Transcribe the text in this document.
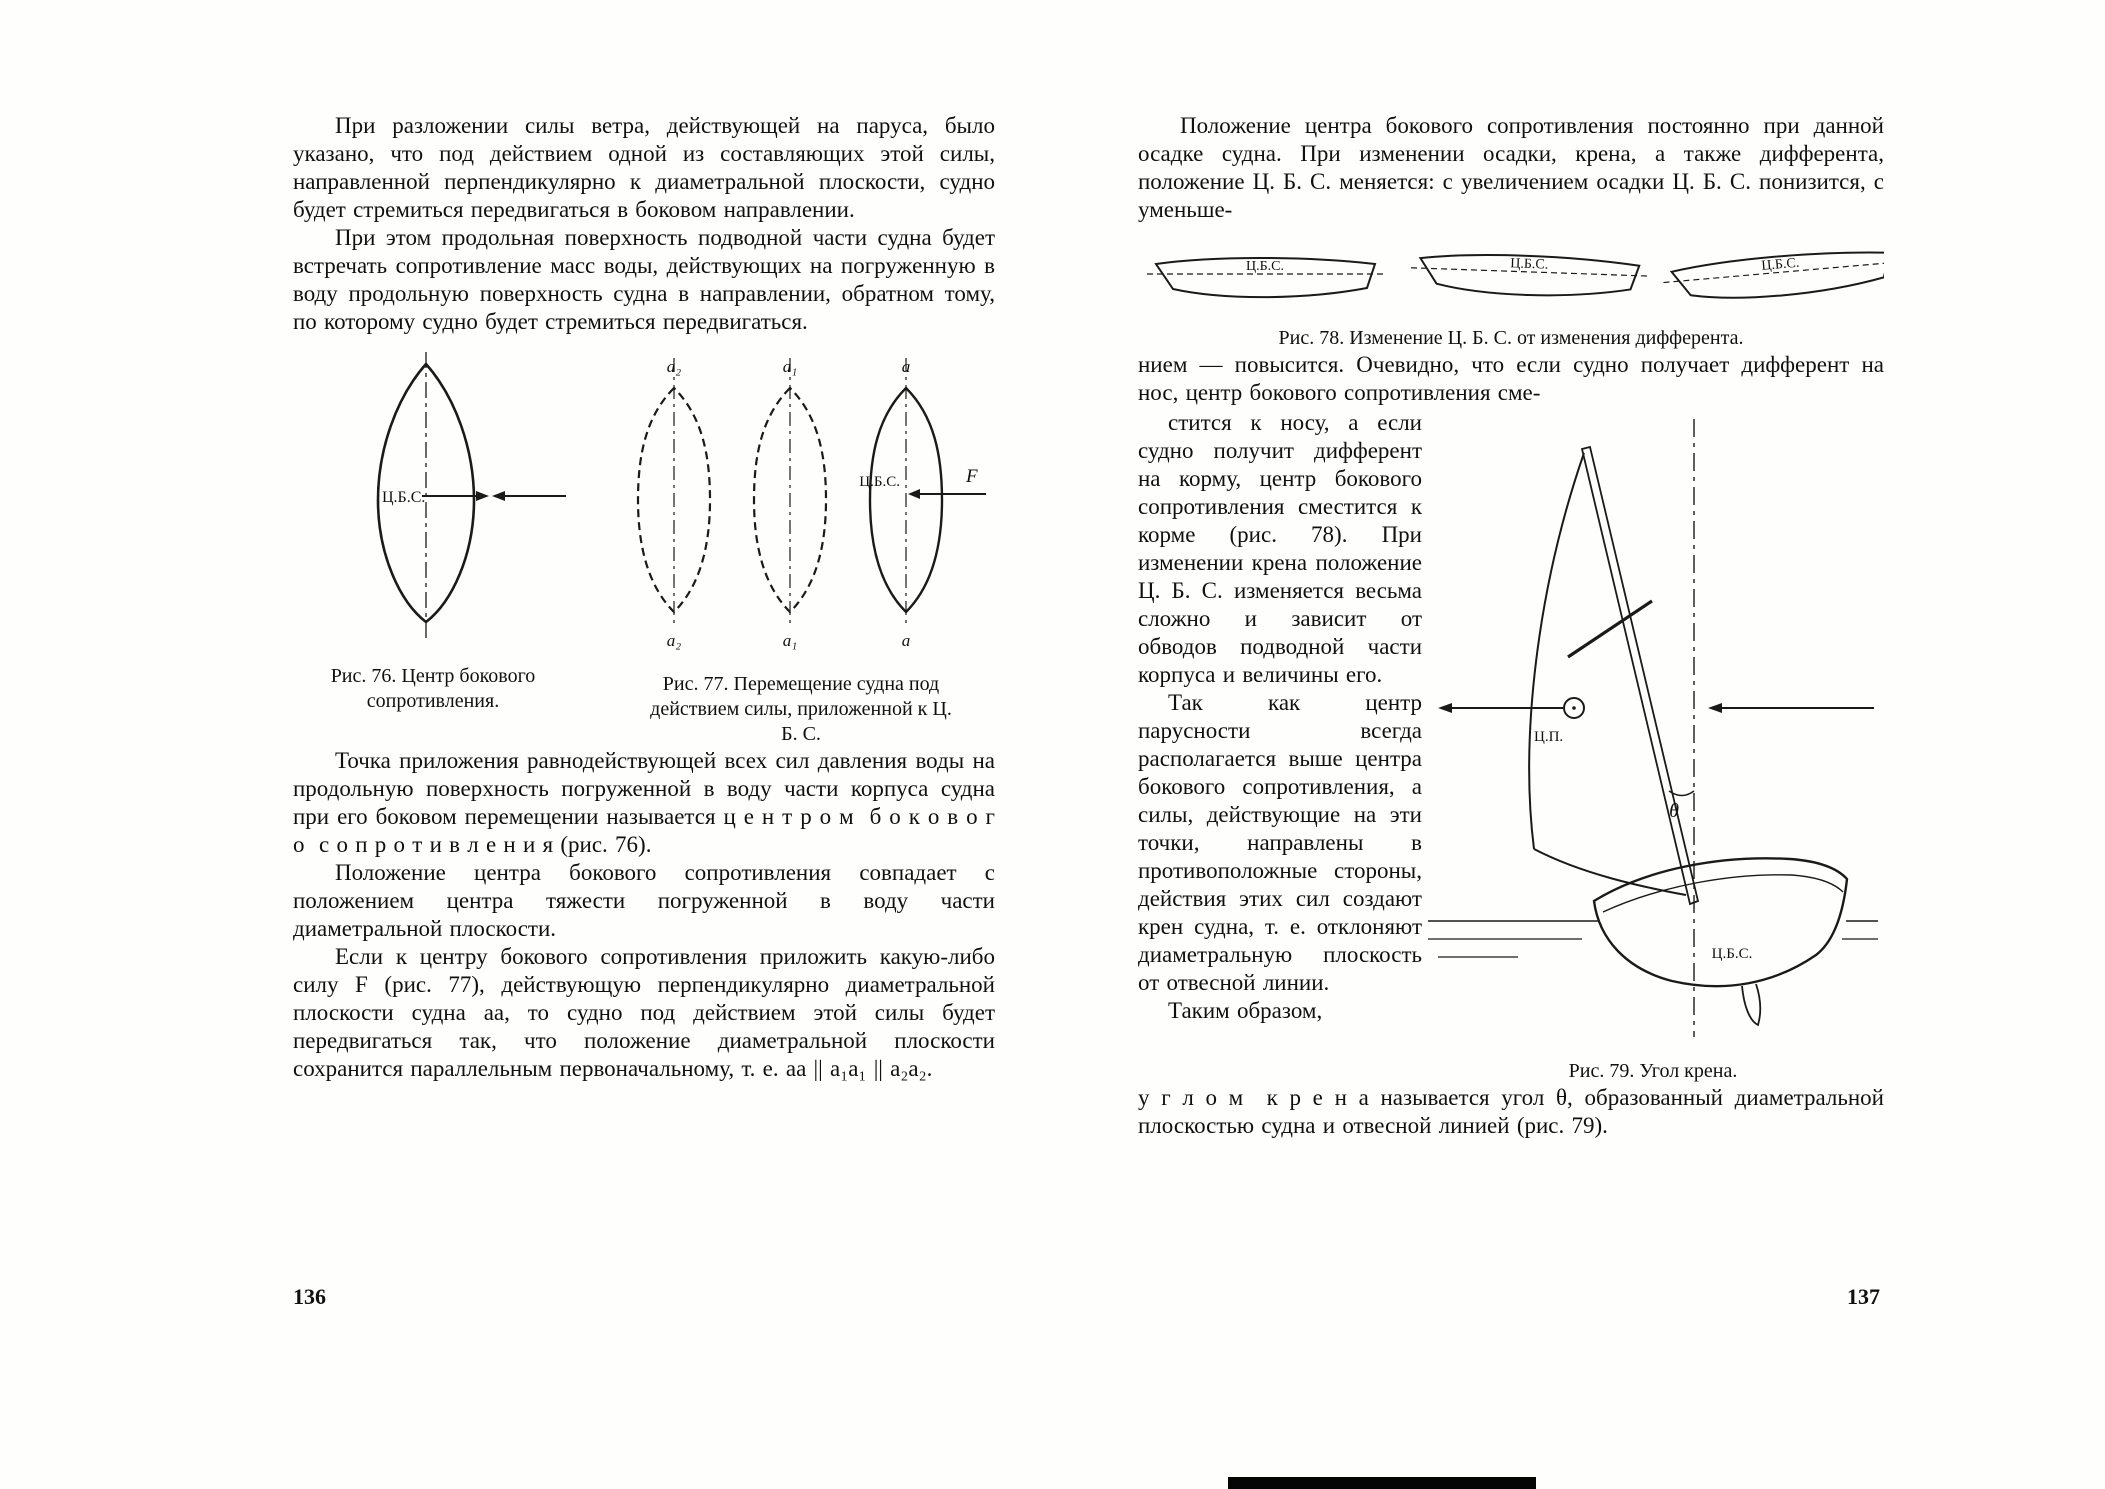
При разложении силы ветра, действующей на паруса, было указано, что под действием одной из составляющих этой силы, направленной перпендикулярно к диаметральной плоскости, судно будет стремиться передвигаться в боковом направлении.

При этом продольная поверхность подводной части судна будет встречать сопротивление масс воды, действующих на погруженную в воду продольную поверхность судна в направлении, обратном тому, по которому судно будет стремиться передвигаться.

Ц.Б.С.
Рис. 76. Центр бокового сопротивления.
a₂	a₁	a
a₂	a₁	a
Ц.Б.С.	F
Рис. 77. Перемещение судна под действием силы, приложенной к Ц. Б. С.

Точка приложения равнодействующей всех сил давления воды на продольную поверхность погруженной в воду части корпуса судна при его боковом перемещении называется ц е н т р о м  б о к о в о г о  с о п р о т и в л е н и я (рис. 76).

Положение центра бокового сопротивления совпадает с положением центра тяжести погруженной в воду части диаметральной плоскости.

Если к центру бокового сопротивления приложить какую-либо силу F (рис. 77), действующую перпендикулярно диаметральной плоскости судна aa, то судно под действием этой силы будет передвигаться так, что положение диаметральной плоскости сохранится параллельным первоначальному, т. е. aa || a₁a₁ || a₂a₂.

136

Положение центра бокового сопротивления постоянно при данной осадке судна. При изменении осадки, крена, а также дифферента, положение Ц. Б. С. меняется: с увеличением осадки Ц. Б. С. понизится, с уменьше-

Ц.Б.С.	Ц.Б.С.	Ц.Б.С.
Рис. 78. Изменение Ц. Б. С. от изменения дифферента.

нием — повысится. Очевидно, что если судно получает дифферент на нос, центр бокового сопротивления сме-

стится к носу, а если судно получит дифферент на корму, центр бокового сопротивления сместится к корме (рис. 78). При изменении крена положение Ц. Б. С. изменяется весьма сложно и зависит от обводов подводной части корпуса и величины его.

Так как центр парусности всегда располагается выше центра бокового сопротивления, а силы, действующие на эти точки, направлены в противоположные стороны, действия этих сил создают крен судна, т. е. отклоняют диаметральную плоскость от отвесной линии.

Таким образом,

Ц.П.
θ
Ц.Б.С.
Рис. 79. Угол крена.

у г л о м  к р е н а называется угол θ, образованный диаметральной плоскостью судна и отвесной линией (рис. 79).

137
